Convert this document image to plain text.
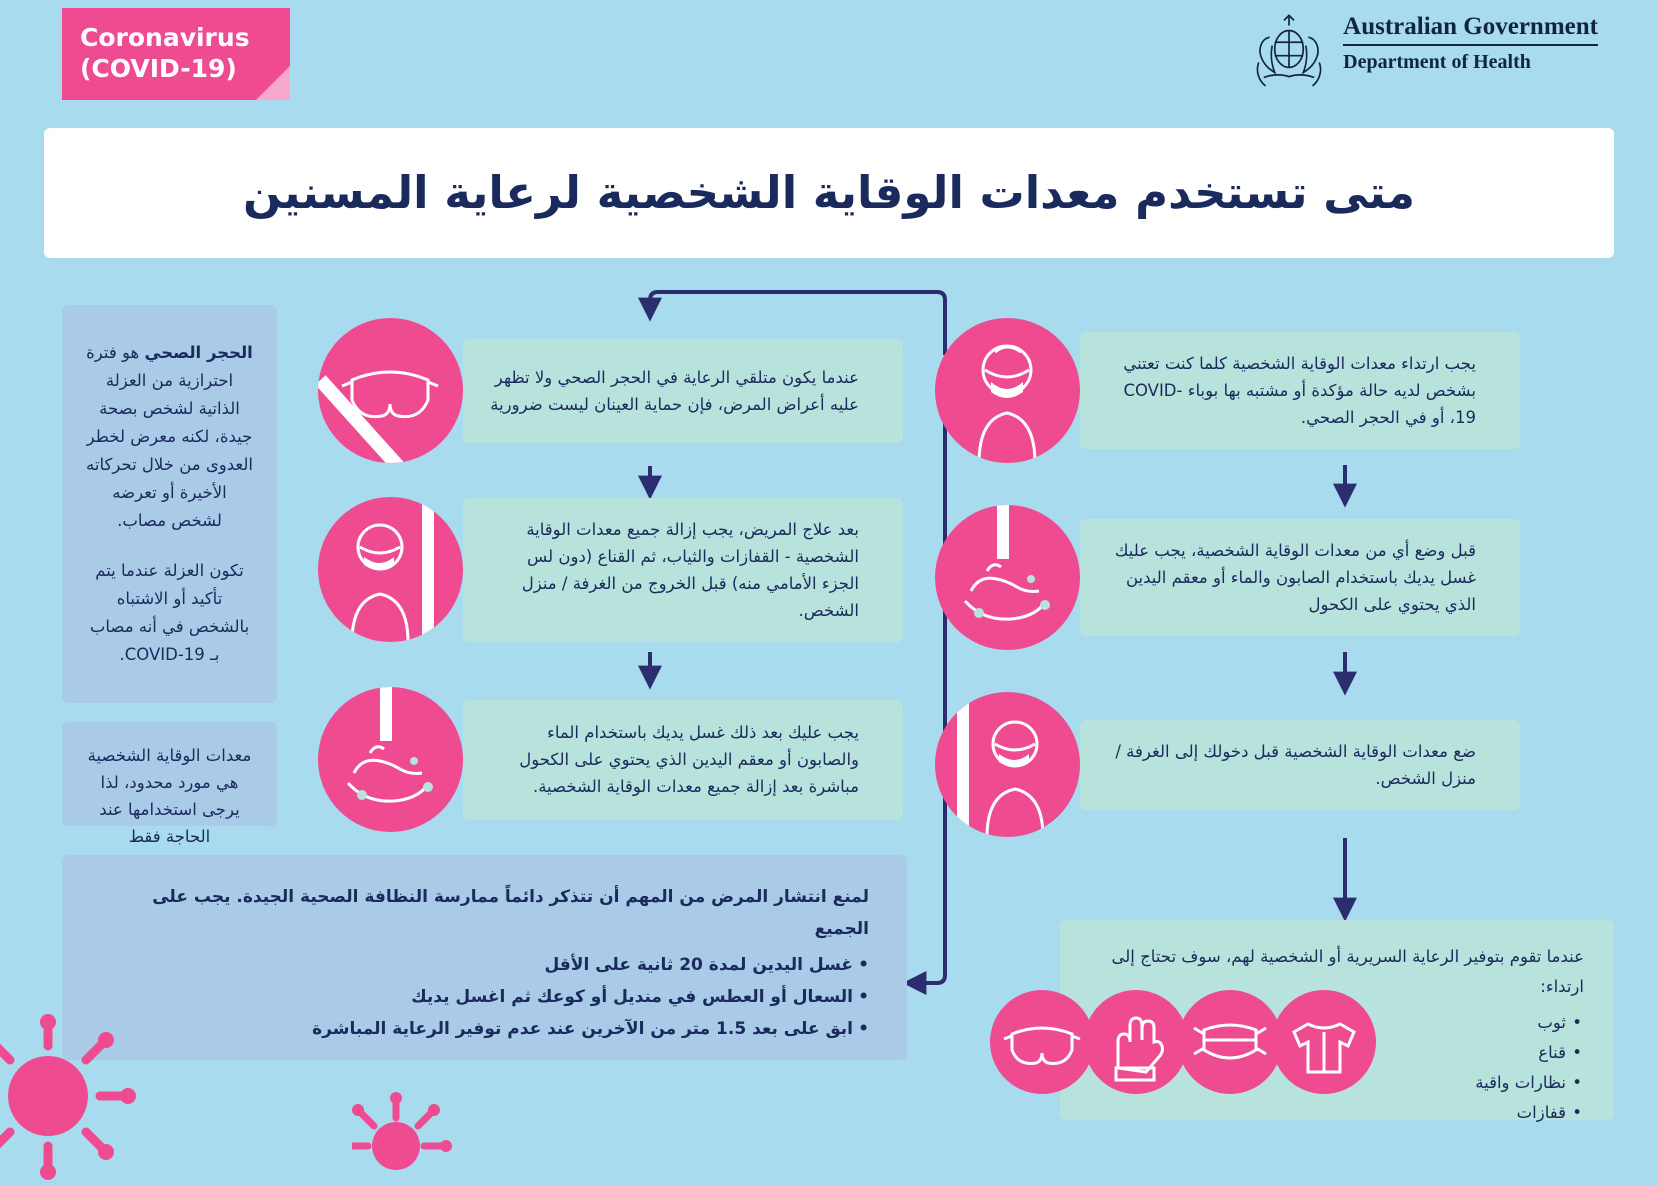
Coronavirus
(COVID-19)
Australian Government
Department of Health
متى تستخدم معدات الوقاية الشخصية لرعاية المسنين

الحجر الصحي هو فترة احترازية من العزلة الذاتية لشخص بصحة جيدة، لكنه معرض لخطر العدوى من خلال تحركاته الأخيرة أو تعرضه لشخص مصاب.

تكون العزلة عندما يتم تأكيد أو الاشتباه بالشخص في أنه مصاب بـ COVID-19.

معدات الوقاية الشخصية هي مورد محدود، لذا يرجى استخدامها عند الحاجة فقط
يجب ارتداء معدات الوقاية الشخصية كلما كنت تعتني بشخص لديه حالة مؤكدة أو مشتبه بها بوباء COVID-19، أو في الحجر الصحي.
قبل وضع أي من معدات الوقاية الشخصية، يجب عليك غسل يديك باستخدام الصابون والماء أو معقم اليدين الذي يحتوي على الكحول
ضع معدات الوقاية الشخصية قبل دخولك إلى الغرفة / منزل الشخص.
عندما يكون متلقي الرعاية في الحجر الصحي ولا تظهر عليه أعراض المرض، فإن حماية العينان ليست ضرورية
بعد علاج المريض، يجب إزالة جميع معدات الوقاية الشخصية - القفازات والثياب، ثم القناع (دون لس الجزء الأمامي منه) قبل الخروج من الغرفة / منزل الشخص.
يجب عليك بعد ذلك غسل يديك باستخدام الماء والصابون أو معقم اليدين الذي يحتوي على الكحول مباشرة بعد إزالة جميع معدات الوقاية الشخصية.

لمنع انتشار المرض من المهم أن تتذكر دائماً ممارسة النظافة الصحية الجيدة. يجب على الجميع

• غسل اليدين لمدة 20 ثانية على الأقل
• السعال أو العطس في منديل أو كوعك ثم اغسل يديك
• ابق على بعد 1.5 متر من الآخرين عند عدم توفير الرعاية المباشرة
عندما تقوم بتوفير الرعاية السريرية أو الشخصية لهم، سوف تحتاج إلى ارتداء:
• ثوب
• قناع
• نظارات واقية
• قفازات
